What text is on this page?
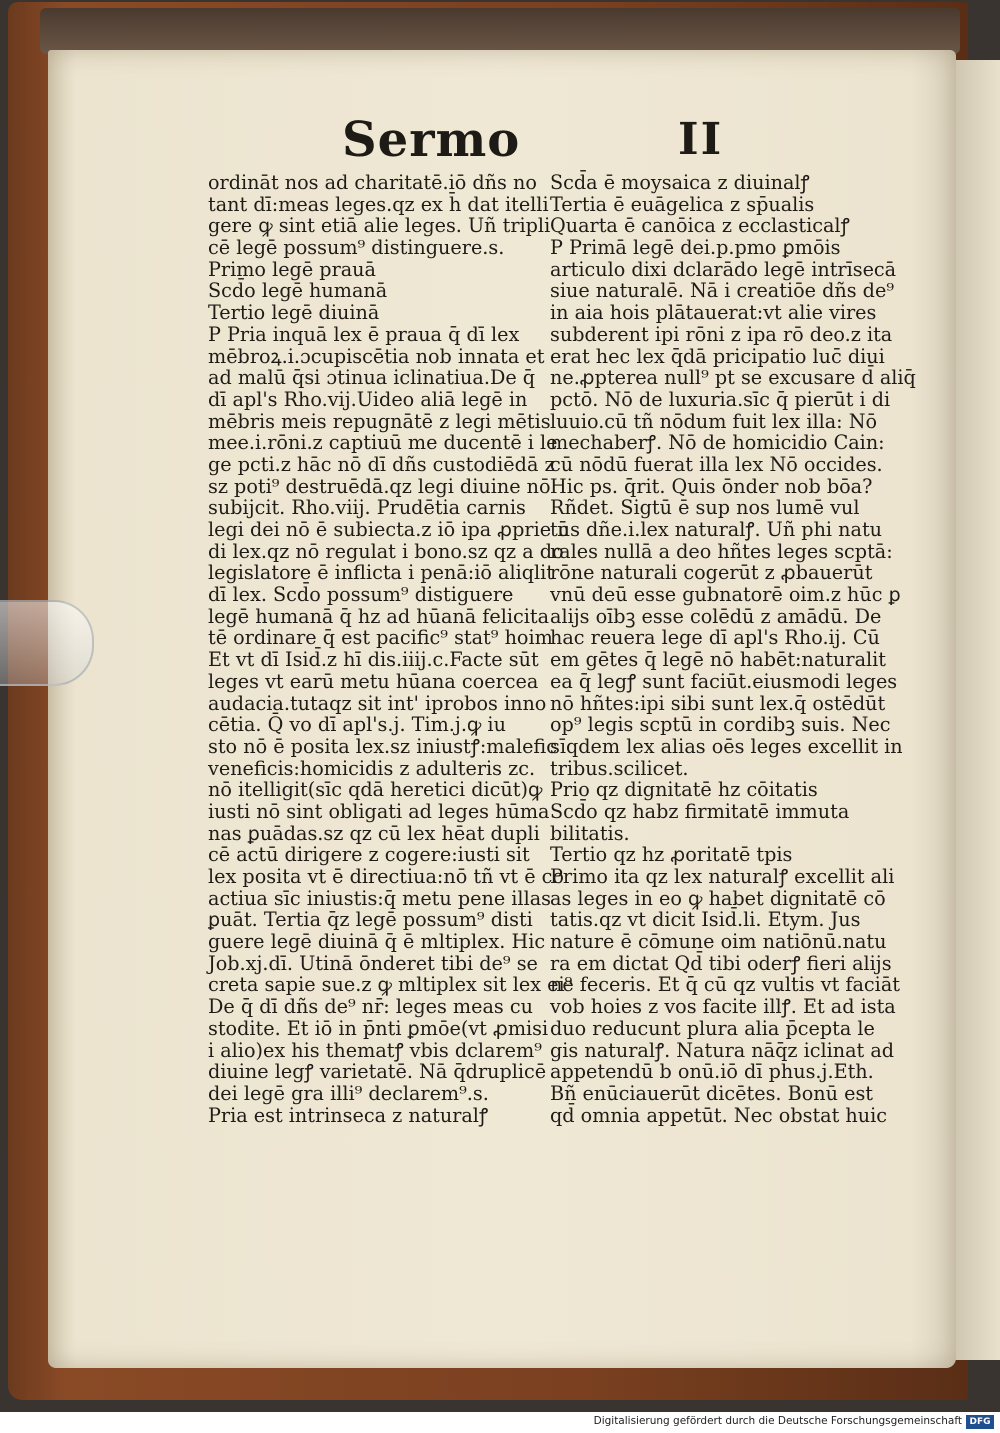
Sermo	II
ordināt nos ad charitatē.iō dñs no
tant dī:meas leges.qz ex h̄ dat itelli
gere ꝙ sint etiā alie leges. Uñ tripli
cē legē possum⁹ distinguere.s.
Primo legē prauā
Scd̄o legē humanā
Tertio legē diuinā
P Pria inquā lex ē praua q̄ dī lex
mēbroꝝ.i.ɔcupiscētia nob innata et
ad malū q̄si ɔtinua iclinatiua.De q̄
dī apl's Rho.vij.Uideo aliā legē in
mēbris meis repugnātē z legi mētis
mee.i.rōni.z captiuū me ducentē i le
ge pcti.z hāc nō dī dñs custodiēdā z
sz poti⁹ destruēdā.qz legi diuine nō
subijcit. Rho.viij. Prudētia carnis
legi dei nō ē subiecta.z iō ipa ꝓprie n̄
di lex.qz nō regulat i bono.sz qz a do
legislatore ē inflicta i penā:iō aliqlit
dī lex. Scd̄o possum⁹ distiguere
legē humanā q̄ hz ad hūanā felicita
tē ordinare q̄ est pacific⁹ stat⁹ hoim
Et vt dī Isid̄.z hī dis.iiij.c.Facte sūt
leges vt earū metu hūana coercea
audacia.tutaqz sit int' iprobos inno
cētia. Q̄ vo dī apl's.j. Tim.j.ꝙ iu
sto nō ē posita lex.sz iniustꝭ:malefic
veneficis:homicidis z adulteris zc.
nō itelligit(sīc qdā heretici dicūt)ꝙ
iusti nō sint obligati ad leges hūma
nas ꝑuādas.sz qz cū lex hēat dupli
cē actū dirigere z cogere:iusti sit
lex posita vt ē directiua:nō tñ vt ē co
actiua sīc iniustis:q̄ metu pene illas
ꝑuāt. Tertia q̄z legē possum⁹ disti
guere legē diuinā q̄ ē mltiplex. Hic
Job.xj.dī. Utinā ōnderet tibi de⁹ se
creta sapie sue.z ꝙ mltiplex sit lex ei⁹
De q̄ dī dñs de⁹ nr̄: leges meas cu
stodite. Et iō in p̄nti ꝑmōe(vt ꝓmisi
i alio)ex his thematꝭ vbis dclarem⁹
diuine legꝭ varietatē. Nā q̄druplicē
dei legē gra illi⁹ declarem⁹.s.
Pria est intrinseca z naturalꝭ
Scd̄a ē moysaica z diuinalꝭ
Tertia ē euāgelica z sp̄ualis
Quarta ē canōica z ecclasticalꝭ
P Primā legē dei.p.pmo ꝑmōis
articulo dixi dclarādo legē intrīsecā
siue naturalē. Nā i creatiōe dñs de⁹
in aia hois plātauerat:vt alie vires
subderent ipi rōni z ipa rō deo.z ita
erat hec lex q̄dā pricipatio luc̄ diui
ne.ꝓpterea null⁹ pt se excusare d̄ aliq̄
pctō. Nō de luxuria.sīc q̄ pierūt i di
luuio.cū tñ nōdum fuit lex illa: Nō
mechaberꝭ. Nō de homicidio Cain:
cū nōdū fuerat illa lex Nō occides.
Hic ps. q̄rit. Quis ōnder nob bōa?
Rñdet. Sigtū ē sup nos lumē vul
tus dñe.i.lex naturalꝭ. Uñ phi natu
rales nullā a deo hñtes leges scptā:
rōne naturali cogerūt z ꝓbauerūt
vnū deū esse gubnatorē oim.z hūc ꝑ
alijs oībꝫ esse colēdū z amādū. De
hac reuera lege dī apl's Rho.ij. Cū
em gētes q̄ legē nō habēt:naturalit
ea q̄ legꝭ sunt faciūt.eiusmodi leges
nō hñtes:ipi sibi sunt lex.q̄ ostēdūt
op⁹ legis scptū in cordibꝫ suis. Nec
sīqdem lex alias oēs leges excellit in
tribus.scilicet.
Prio qz dignitatē hz cōitatis
Scd̄o qz habz firmitatē immuta
bilitatis.
Tertio qz hz ꝓoritatē tpis
Primo ita qz lex naturalꝭ excellit ali
as leges in eo ꝙ habet dignitatē cō
tatis.qz vt dicit Isid̄.li. Etym. Jus
nature ē cōmune oim natiōnū.natu
ra em dictat Qd̄ tibi oderꝭ fieri alijs
ne feceris. Et q̄ cū qz vultis vt faciāt
vob hoies z vos facite illꝭ. Et ad ista
duo reducunt plura alia p̄cepta le
gis naturalꝭ. Natura nāq̄z iclinat ad
appetendū b onū.iō dī phus.j.Eth.
Bñ enūciauerūt dicētes. Bonū est
qd̄ omnia appetūt. Nec obstat huic
Digitalisierung gefördert durch die Deutsche Forschungsgemeinschaft DFG
